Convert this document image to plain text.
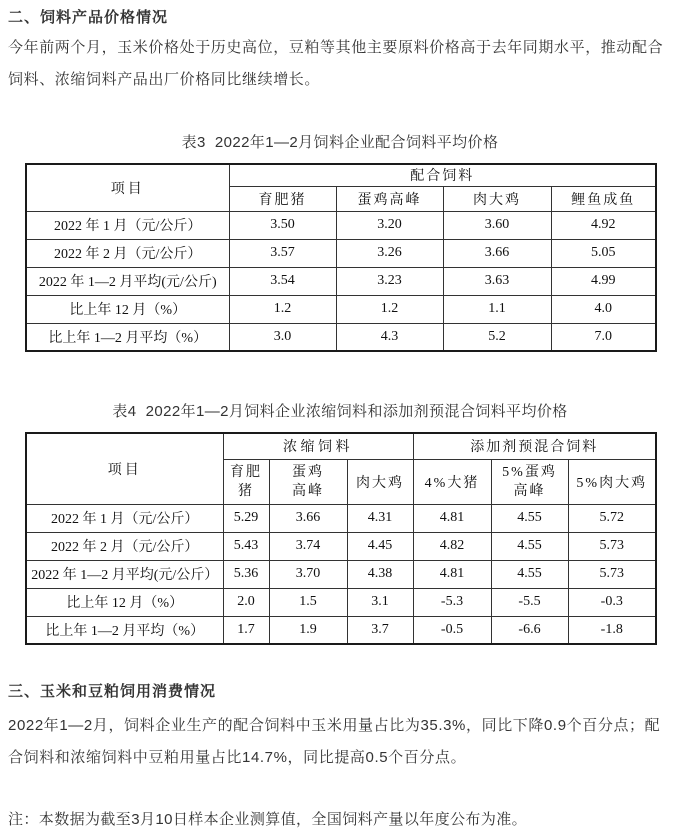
二、饲料产品价格情况
今年前两个月，玉米价格处于历史高位，豆粕等其他主要原料价格高于去年同期水平，推动配合饲料、浓缩饲料产品出厂价格同比继续增长。
表3  2022年1—2月饲料企业配合饲料平均价格
项目	配合饲料			
	育肥猪	蛋鸡高峰	肉大鸡	鲤鱼成鱼
2022 年 1 月（元/公斤）	3.50	3.20	3.60	4.92
2022 年 2 月（元/公斤）	3.57	3.26	3.66	5.05
2022 年 1—2 月平均(元/公斤)	3.54	3.23	3.63	4.99
比上年 12 月（%）	1.2	1.2	1.1	4.0
比上年 1—2 月平均（%）	3.0	4.3	5.2	7.0
表4  2022年1—2月饲料企业浓缩饲料和添加剂预混合饲料平均价格
项目	浓缩饲料			添加剂预混合饲料		
	育肥猪	蛋鸡高峰	肉大鸡	4%大猪	5%蛋鸡高峰	5%肉大鸡
2022 年 1 月（元/公斤）	5.29	3.66	4.31	4.81	4.55	5.72
2022 年 2 月（元/公斤）	5.43	3.74	4.45	4.82	4.55	5.73
2022 年 1—2 月平均(元/公斤）	5.36	3.70	4.38	4.81	4.55	5.73
比上年 12 月（%）	2.0	1.5	3.1	-5.3	-5.5	-0.3
比上年 1—2 月平均（%）	1.7	1.9	3.7	-0.5	-6.6	-1.8
三、玉米和豆粕饲用消费情况
2022年1—2月，饲料企业生产的配合饲料中玉米用量占比为35.3%，同比下降0.9个百分点；配合饲料和浓缩饲料中豆粕用量占比14.7%，同比提高0.5个百分点。
注：本数据为截至3月10日样本企业测算值，全国饲料产量以年度公布为准。
